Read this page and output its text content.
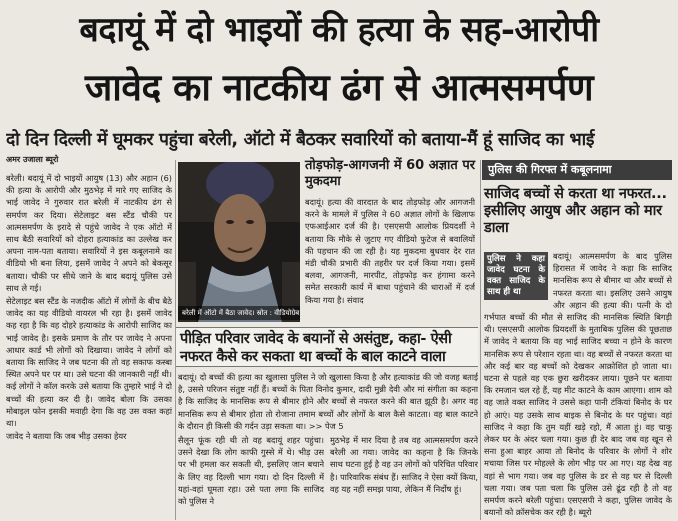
बदायूं में दो भाइयों की हत्या के सह-आरोपी
जावेद का नाटकीय ढंग से आत्मसमर्पण
दो दिन दिल्ली में घूमकर पहुंचा बरेली, ऑटो में बैठकर सवारियों को बताया-मैं हूं साजिद का भाई
अमर उजाला ब्यूरो

बरेली। बदायूं में दो भाइयों आयुष (13) और अहान (6) की हत्या के आरोपी और मुठभेड़ में मारे गए साजिद के भाई जावेद ने गुरुवार रात बरेली में नाटकीय ढंग से समर्पण कर दिया। सेटेलाइट बस स्टैंड चौकी पर आत्मसमर्पण के इरादे से पहुंचे जावेद ने एक ऑटो में साथ बैठी सवारियों को दोहरा हत्याकांड का उल्लेख कर अपना नाम-पता बताया। सवारियों ने इस कबूलनामे का वीडियो भी बना लिया, इसमें जावेद ने अपने को बेकसूर बताया। चौकी पर सीधे जाने के बाद बदायूं पुलिस उसे साथ ले गई।

सेटेलाइट बस स्टैंड के नजदीक ऑटो में लोगों के बीच बैठे जावेद का यह वीडियो वायरल भी रहा है। इसमें जावेद कह रहा है कि वह दोहरे हत्याकांड के आरोपी साजिद का भाई जावेद है। इसके प्रमाण के तौर पर जावेद ने अपना आधार कार्ड भी लोगों को दिखाया। जावेद ने लोगों को बताया कि साजिद ने जब घटना की तो वह सकाफ कस्बा स्थित अपने घर पर था। उसे घटना की जानकारी नहीं थी। कई लोगों ने कॉल करके उसे बताया कि तुम्हारे भाई ने दो बच्चों की हत्या कर दी है। जावेद बोला कि उसका मोबाइल फोन इसकी मवाही देगा कि वह उस वक्त कहां था।

जावेद ने बताया कि जब भीड़ उसका हेयर

बरेली में ऑटो में बैठा जावेद। स्रोत : वीडियोग्रेब
तोड़फोड़-आगजनी में 60 अज्ञात पर मुकदमा
बदायूं। हत्या की वारदात के बाद तोड़फोड़ और आगजनी करने के मामले में पुलिस ने 60 अज्ञात लोगों के खिलाफ एफआईआर दर्ज की है। एसएसपी आलोक प्रियदर्शी ने बताया कि मौके से जुटाए गए वीडियो फुटेज से बवालियों की पहचान की जा रही है। यह मुकदमा बुधवार देर रात मंडी चौकी प्रभारी की तहरीर पर दर्ज किया गया। इसमें बलवा, आगजनी, मारपीट, तोड़फोड़ कर हंगामा करने समेत सरकारी कार्य में बाधा पहुंचाने की धाराओं में दर्ज किया गया है। संवाद
पीड़ित परिवार जावेद के बयानों से असंतुष्ट, कहा- ऐसी नफरत कैसे कर सकता था बच्चों के बाल काटने वाला
बदायूं। दो बच्चों की हत्या का खुलासा पुलिस ने जो खुलासा किया है और हत्याकांड की जो वजह बताई है, उससे परिजन संतुष्ट नहीं हैं। बच्चों के पिता विनोद कुमार, दादी मुन्नी देवी और मां संगीता का कहना है कि साजिद के मानसिक रूप से बीमार होने और बच्चों से नफरत करने की बात झूठी है। अगर वह मानसिक रूप से बीमार होता तो रोजाना तमाम बच्चों और लोगों के बाल कैसे काटता। वह बाल काटने के दौरान ही किसी की गर्दन उड़ा सकता था। >> पेज 5
सैलून फूंक रही थी तो वह बदायूं शहर पहुंचा। उसने देखा कि लोग काफी गुस्से में थे। भीड़ उस पर भी हमला कर सकती थी, इसलिए जान बचाने के लिए वह दिल्ली भाग गया। दो दिन दिल्ली में यहां-वहां घूमता रहा। उसे पता लगा कि साजिद को पुलिस ने
मुठभेड़ में मार दिया है तब वह आत्मसमर्पण करने बरेली आ गया। जावेद का कहना है कि जिनके साथ घटना हुई है वह उन लोगों को परिचित परिवार है। पारिवारिक संबंध हैं। साजिद ने ऐसा क्यों किया, वह यह नहीं समझ पाया, लेकिन मैं निर्दोष हूं।
पुलिस की गिरफ्त में कबूलनामा
साजिद बच्चों से करता था नफरत... इसीलिए आयुष और अहान को मार डाला
पुलिस ने कहा जावेद घटना के वक्त साजिद के साथ ही था
बदायूं। आत्मसमर्पण के बाद पुलिस हिरासत में जावेद ने कहा कि साजिद मानसिक रूप से बीमार था और बच्चों से नफरत करता था। इसलिए उसने आयुष और अहान की हत्या की। पत्नी के दो गर्भपात बच्चों की मौत से साजिद की मानसिक स्थिति बिगड़ी थी। एसएसपी आलोक प्रियदर्शी के मुताबिक पुलिस की पूछताछ में जावेद ने बताया कि वह भाई साजिद बच्चा न होने के कारण मानसिक रूप से परेशान रहता था। वह बच्चों से नफरत करता था और कई बार वह बच्चों को देखकर आक्रोशित हो जाता था। घटना से पहले वह एक छुरा खरीदकर लाया। पूछने पर बताया कि रमजान चल रहे हैं, यह मीट काटने के काम आएगा। शाम को वह जाते वक्त साजिद ने उससे कहा पानी टंकियां बिनोद के घर हो आएं। यह उसके साथ बाइक से बिनोद के घर पहुंचा। वहां साजिद ने कहा कि तुम यहीं खड़े रहो, मैं आता हूं। वह चाकू लेकर घर के अंदर चला गया। कुछ ही देर बाद जब वह खून से सना हुआ बाहर आया तो बिनोद के परिवार के लोगों ने शोर मचाया जिस पर मोहल्ले के लोग भीड़ पर आ गए। यह देख वह वहां से भाग गया। जब वह पुलिस के डर से वह घर से दिल्ली चला गया। जब पता चला कि पुलिस उसे ढूंढ रही है तो वह समर्पण करने बरेली पहुंचा। एसएसपी ने कहा, पुलिस जावेद के बयानों को क्रॉसचेक कर रही है। ब्यूरो
